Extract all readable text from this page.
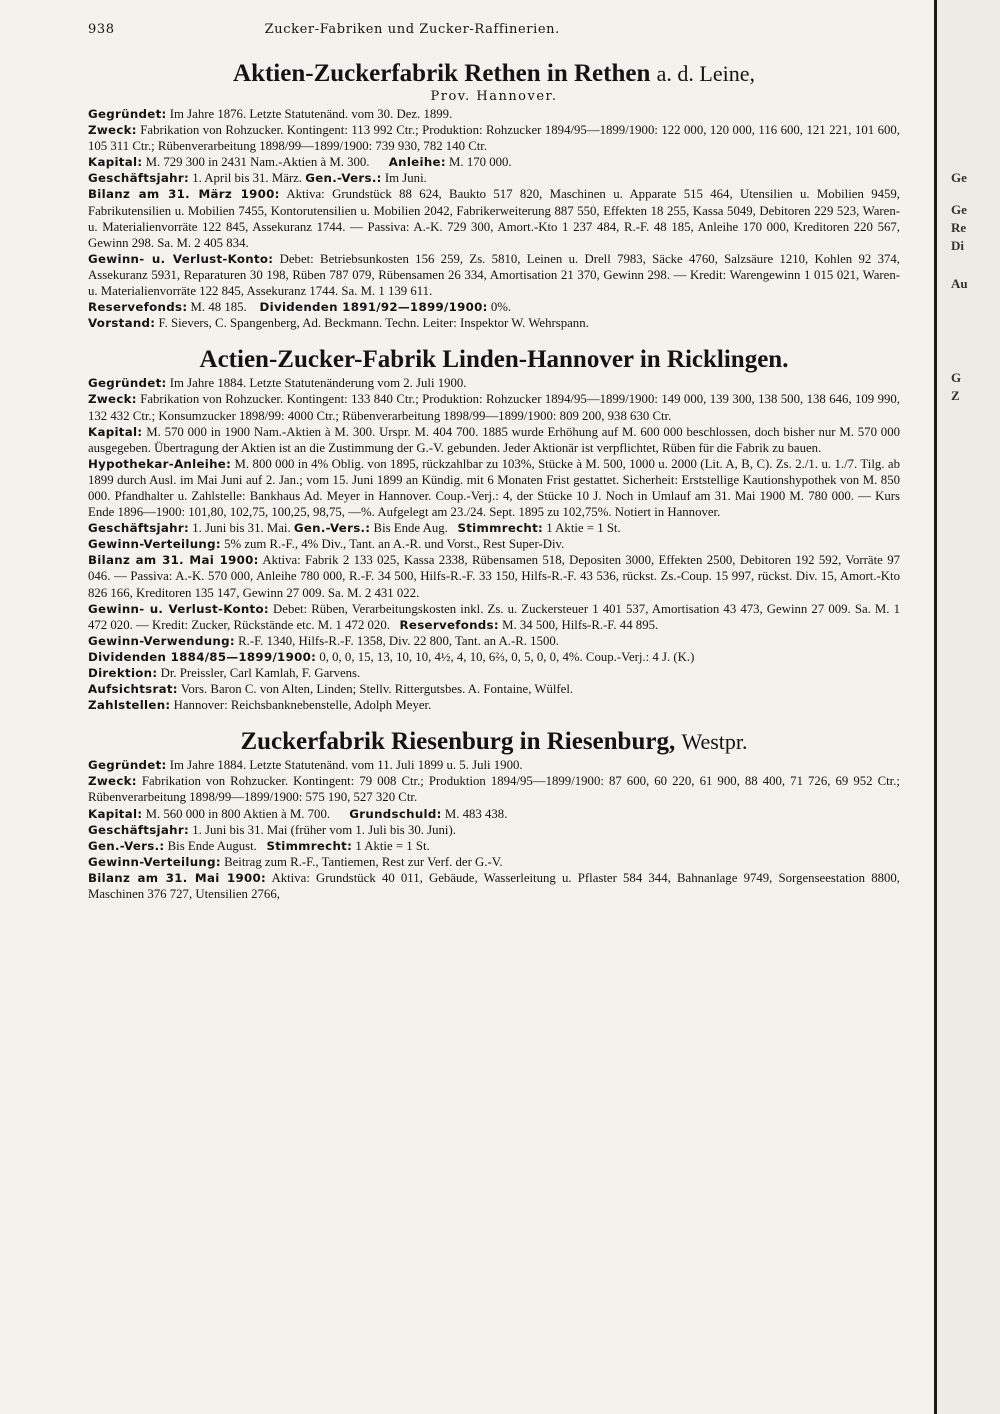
938	Zucker-Fabriken und Zucker-Raffinerien.
Aktien-Zuckerfabrik Rethen in Rethen a. d. Leine,
Prov. Hannover.

Gegründet: Im Jahre 1876. Letzte Statutenänd. vom 30. Dez. 1899.

Zweck: Fabrikation von Rohzucker. Kontingent: 113 992 Ctr.; Produktion: Rohzucker 1894/95—1899/1900: 122 000, 120 000, 116 600, 121 221, 101 600, 105 311 Ctr.; Rübenverarbeitung 1898/99—1899/1900: 739 930, 782 140 Ctr.

Kapital: M. 729 300 in 2431 Nam.-Aktien à M. 300. Anleihe: M. 170 000.

Geschäftsjahr: 1. April bis 31. März. Gen.-Vers.: Im Juni.

Bilanz am 31. März 1900: Aktiva: Grundstück 88 624, Baukto 517 820, Maschinen u. Apparate 515 464, Utensilien u. Mobilien 9459, Fabrikutensilien u. Mobilien 7455, Kontorutensilien u. Mobilien 2042, Fabrikerweiterung 887 550, Effekten 18 255, Kassa 5049, Debitoren 229 523, Waren- u. Materialienvorräte 122 845, Assekuranz 1744. — Passiva: A.-K. 729 300, Amort.-Kto 1 237 484, R.-F. 48 185, Anleihe 170 000, Kreditoren 220 567, Gewinn 298. Sa. M. 2 405 834.

Gewinn- u. Verlust-Konto: Debet: Betriebsunkosten 156 259, Zs. 5810, Leinen u. Drell 7983, Säcke 4760, Salzsäure 1210, Kohlen 92 374, Assekuranz 5931, Reparaturen 30 198, Rüben 787 079, Rübensamen 26 334, Amortisation 21 370, Gewinn 298. — Kredit: Warengewinn 1 015 021, Waren- u. Materialienvorräte 122 845, Assekuranz 1744. Sa. M. 1 139 611.

Reservefonds: M. 48 185. Dividenden 1891/92—1899/1900: 0%.

Vorstand: F. Sievers, C. Spangenberg, Ad. Beckmann. Techn. Leiter: Inspektor W. Wehrspann.

Actien-Zucker-Fabrik Linden-Hannover in Ricklingen.

Gegründet: Im Jahre 1884. Letzte Statutenänderung vom 2. Juli 1900.

Zweck: Fabrikation von Rohzucker. Kontingent: 133 840 Ctr.; Produktion: Rohzucker 1894/95—1899/1900: 149 000, 139 300, 138 500, 138 646, 109 990, 132 432 Ctr.; Konsumzucker 1898/99: 4000 Ctr.; Rübenverarbeitung 1898/99—1899/1900: 809 200, 938 630 Ctr.

Kapital: M. 570 000 in 1900 Nam.-Aktien à M. 300. Urspr. M. 404 700. 1885 wurde Erhöhung auf M. 600 000 beschlossen, doch bisher nur M. 570 000 ausgegeben. Übertragung der Aktien ist an die Zustimmung der G.-V. gebunden. Jeder Aktionär ist verpflichtet, Rüben für die Fabrik zu bauen.

Hypothekar-Anleihe: M. 800 000 in 4% Oblig. von 1895, rückzahlbar zu 103%, Stücke à M. 500, 1000 u. 2000 (Lit. A, B, C). Zs. 2./1. u. 1./7. Tilg. ab 1899 durch Ausl. im Mai Juni auf 2. Jan.; vom 15. Juni 1899 an Kündig. mit 6 Monaten Frist gestattet. Sicherheit: Erststellige Kautionshypothek von M. 850 000. Pfandhalter u. Zahlstelle: Bankhaus Ad. Meyer in Hannover. Coup.-Verj.: 4, der Stücke 10 J. Noch in Umlauf am 31. Mai 1900 M. 780 000. — Kurs Ende 1896—1900: 101,80, 102,75, 100,25, 98,75, —%. Aufgelegt am 23./24. Sept. 1895 zu 102,75%. Notiert in Hannover.

Geschäftsjahr: 1. Juni bis 31. Mai. Gen.-Vers.: Bis Ende Aug. Stimmrecht: 1 Aktie = 1 St.

Gewinn-Verteilung: 5% zum R.-F., 4% Div., Tant. an A.-R. und Vorst., Rest Super-Div.

Bilanz am 31. Mai 1900: Aktiva: Fabrik 2 133 025, Kassa 2338, Rübensamen 518, Depositen 3000, Effekten 2500, Debitoren 192 592, Vorräte 97 046. — Passiva: A.-K. 570 000, Anleihe 780 000, R.-F. 34 500, Hilfs-R.-F. 33 150, Hilfs-R.-F. 43 536, rückst. Zs.-Coup. 15 997, rückst. Div. 15, Amort.-Kto 826 166, Kreditoren 135 147, Gewinn 27 009. Sa. M. 2 431 022.

Gewinn- u. Verlust-Konto: Debet: Rüben, Verarbeitungskosten inkl. Zs. u. Zuckersteuer 1 401 537, Amortisation 43 473, Gewinn 27 009. Sa. M. 1 472 020. — Kredit: Zucker, Rückstände etc. M. 1 472 020. Reservefonds: M. 34 500, Hilfs-R.-F. 44 895.

Gewinn-Verwendung: R.-F. 1340, Hilfs-R.-F. 1358, Div. 22 800, Tant. an A.-R. 1500.

Dividenden 1884/85—1899/1900: 0, 0, 0, 15, 13, 10, 10, 4½, 4, 10, 6⅔, 0, 5, 0, 0, 4%. Coup.-Verj.: 4 J. (K.)

Direktion: Dr. Preissler, Carl Kamlah, F. Garvens.

Aufsichtsrat: Vors. Baron C. von Alten, Linden; Stellv. Rittergutsbes. A. Fontaine, Wülfel.

Zahlstellen: Hannover: Reichsbanknebenstelle, Adolph Meyer.

Zuckerfabrik Riesenburg in Riesenburg, Westpr.

Gegründet: Im Jahre 1884. Letzte Statutenänd. vom 11. Juli 1899 u. 5. Juli 1900.

Zweck: Fabrikation von Rohzucker. Kontingent: 79 008 Ctr.; Produktion 1894/95—1899/1900: 87 600, 60 220, 61 900, 88 400, 71 726, 69 952 Ctr.; Rübenverarbeitung 1898/99—1899/1900: 575 190, 527 320 Ctr.

Kapital: M. 560 000 in 800 Aktien à M. 700. Grundschuld: M. 483 438.

Geschäftsjahr: 1. Juni bis 31. Mai (früher vom 1. Juli bis 30. Juni).

Gen.-Vers.: Bis Ende August. Stimmrecht: 1 Aktie = 1 St.

Gewinn-Verteilung: Beitrag zum R.-F., Tantiemen, Rest zur Verf. der G.-V.

Bilanz am 31. Mai 1900: Aktiva: Grundstück 40 011, Gebäude, Wasserleitung u. Pflaster 584 344, Bahnanlage 9749, Sorgenseestation 8800, Maschinen 376 727, Utensilien 2766,

Ge
Ge
Re
Di
Au
G
Z
